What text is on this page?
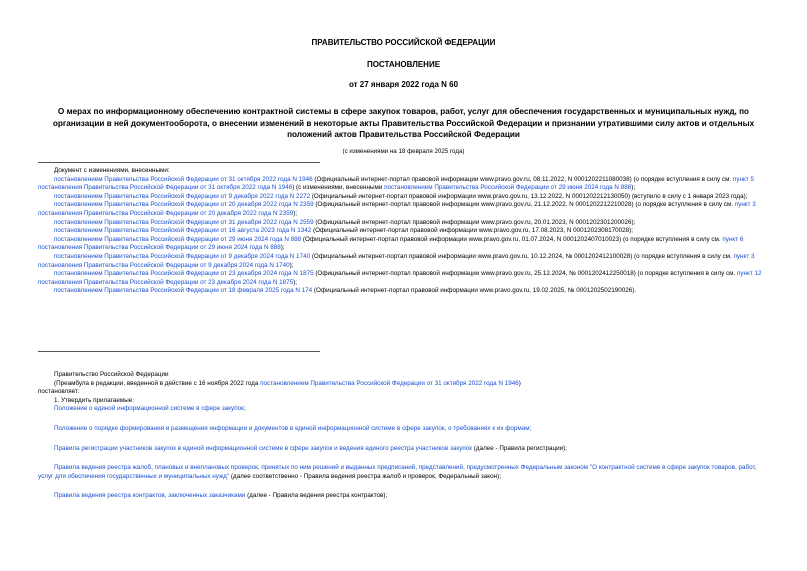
ПРАВИТЕЛЬСТВО РОССИЙСКОЙ ФЕДЕРАЦИИ
ПОСТАНОВЛЕНИЕ
от 27 января 2022 года N 60
О мерах по информационному обеспечению контрактной системы в сфере закупок товаров, работ, услуг для обеспечения государственных и муниципальных нужд, по организации в ней документооборота, о внесении изменений в некоторые акты Правительства Российской Федерации и признании утратившими силу актов и отдельных положений актов Правительства Российской Федерации
(с изменениями на 18 февраля 2025 года)

Документ с изменениями, внесенными:

постановлением Правительства Российской Федерации от 31 октября 2022 года N 1946 (Официальный интернет-портал правовой информации www.pravo.gov.ru, 08.11.2022, N 0001202211080038) (о порядке вступления в силу см. пункт 5 постановления Правительства Российской Федерации от 31 октября 2022 года N 1946) (с изменениями, внесенными постановлением Правительства Российской Федерации от 29 июня 2024 года N 888);

постановлением Правительства Российской Федерации от 9 декабря 2022 года N 2272 (Официальный интернет-портал правовой информации www.pravo.gov.ru, 13.12.2022, N 0001202212130050) (вступило в силу с 1 января 2023 года);

постановлением Правительства Российской Федерации от 20 декабря 2022 года N 2359 (Официальный интернет-портал правовой информации www.pravo.gov.ru, 21.12.2022, N 0001202212210028) (о порядке вступления в силу см. пункт 3 постановления Правительства Российской Федерации от 20 декабря 2022 года N 2359);

постановлением Правительства Российской Федерации от 31 декабря 2022 года N 2559 (Официальный интернет-портал правовой информации www.pravo.gov.ru, 20.01.2023, N 0001202301200026);

постановлением Правительства Российской Федерации от 16 августа 2023 года N 1342 (Официальный интернет-портал правовой информации www.pravo.gov.ru, 17.08.2023, N 0001202308170028);

постановлением Правительства Российской Федерации от 29 июня 2024 года N 888 (Официальный интернет-портал правовой информации www.pravo.gov.ru, 01.07.2024, N 0001202407010023) (о порядке вступления в силу см. пункт 6 постановления Правительства Российской Федерации от 29 июня 2024 года N 888);

постановлением Правительства Российской Федерации от 9 декабря 2024 года N 1740 (Официальный интернет-портал правовой информации www.pravo.gov.ru, 10.12.2024, № 0001202412100028) (о порядке вступления в силу см. пункт 3 постановления Правительства Российской Федерации от 9 декабря 2024 года N 1740);

постановлением Правительства Российской Федерации от 23 декабря 2024 года N 1875 (Официальный интернет-портал правовой информации www.pravo.gov.ru, 25.12.2024, № 0001202412250018) (о порядке вступления в силу см. пункт 12 постановления Правительства Российской Федерации от 23 декабря 2024 года N 1875);

постановлением Правительства Российской Федерации от 18 февраля 2025 года N 174 (Официальный интернет-портал правовой информации www.pravo.gov.ru, 19.02.2025, № 0001202502190026).

Правительство Российской Федерации

(Преамбула в редакции, введенной в действие с 16 ноября 2022 года постановлением Правительства Российской Федерации от 31 октября 2022 года N 1946)

постановляет:

1. Утвердить прилагаемые:

Положение о единой информационной системе в сфере закупок;

Положение о порядке формирования и размещения информации и документов в единой информационной системе в сфере закупок, о требованиях к их формам;

Правила регистрации участников закупок в единой информационной системе в сфере закупок и ведения единого реестра участников закупок (далее - Правила регистрации);

Правила ведения реестра жалоб, плановых и внеплановых проверок, принятых по ним решений и выданных предписаний, представлений, предусмотренных Федеральным законом "О контрактной системе в сфере закупок товаров, работ, услуг для обеспечения государственных и муниципальных нужд" (далее соответственно - Правила ведения реестра жалоб и проверок, Федеральный закон);

Правила ведения реестра контрактов, заключенных заказчиками (далее - Правила ведения реестра контрактов);
